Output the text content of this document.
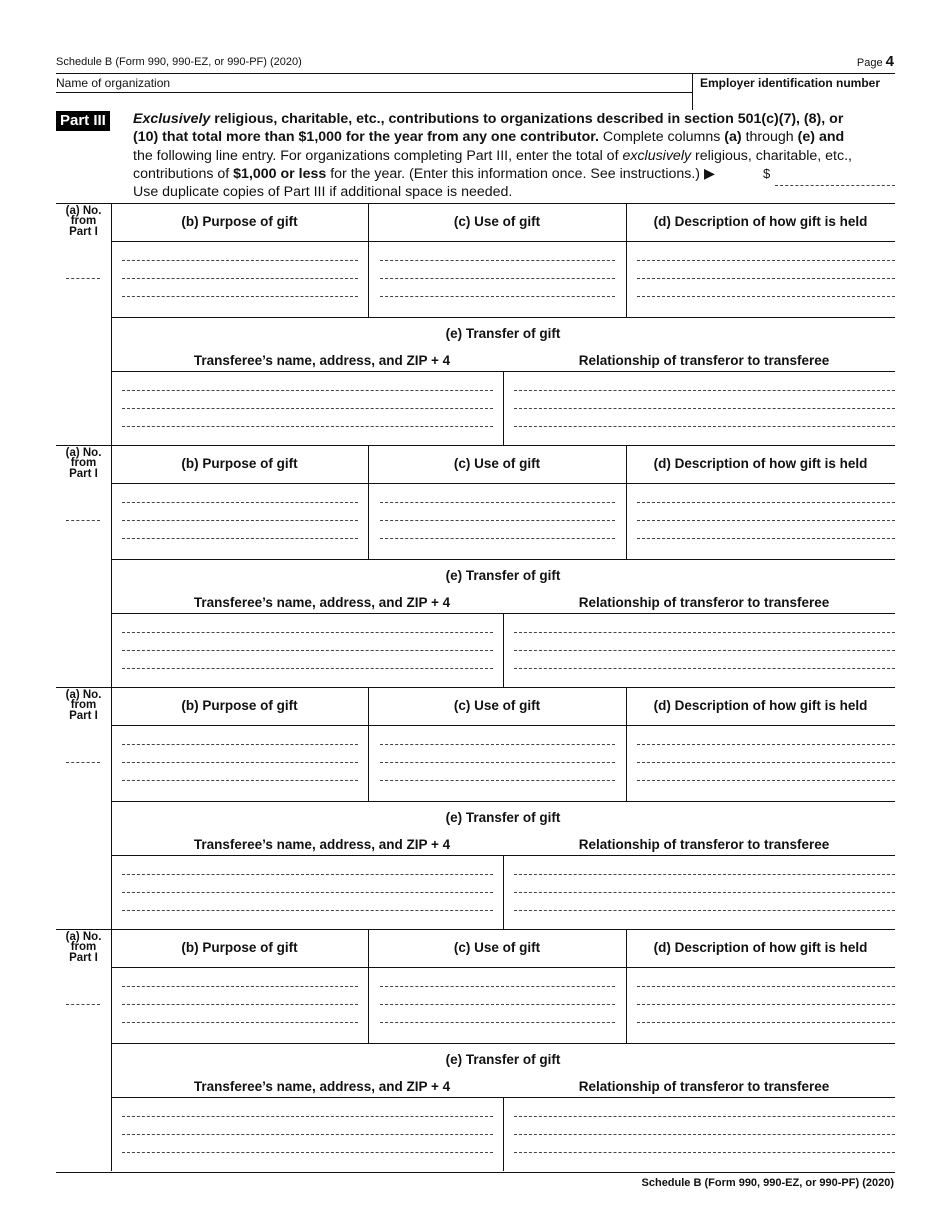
Schedule B (Form 990, 990-EZ, or 990-PF) (2020)	Page 4
Name of organization	Employer identification number
Part III Exclusively religious, charitable, etc., contributions to organizations described in section 501(c)(7), (8), or
(10) that total more than $1,000 for the year from any one contributor. Complete columns (a) through (e) and
the following line entry. For organizations completing Part III, enter the total of exclusively religious, charitable, etc.,
contributions of $1,000 or less for the year. (Enter this information once. See instructions.) ▶
Use duplicate copies of Part III if additional space is needed.
$
(a) No.
from
Part I
(b) Purpose of gift	(c) Use of gift	(d) Description of how gift is held
(e) Transfer of gift
Transferee’s name, address, and ZIP + 4	Relationship of transferor to transferee
(a) No.
from
Part I
(b) Purpose of gift	(c) Use of gift	(d) Description of how gift is held
(e) Transfer of gift
Transferee’s name, address, and ZIP + 4	Relationship of transferor to transferee
(a) No.
from
Part I
(b) Purpose of gift	(c) Use of gift	(d) Description of how gift is held
(e) Transfer of gift
Transferee’s name, address, and ZIP + 4	Relationship of transferor to transferee
(a) No.
from
Part I
(b) Purpose of gift	(c) Use of gift	(d) Description of how gift is held
(e) Transfer of gift
Transferee’s name, address, and ZIP + 4	Relationship of transferor to transferee
Schedule B (Form 990, 990-EZ, or 990-PF) (2020)
